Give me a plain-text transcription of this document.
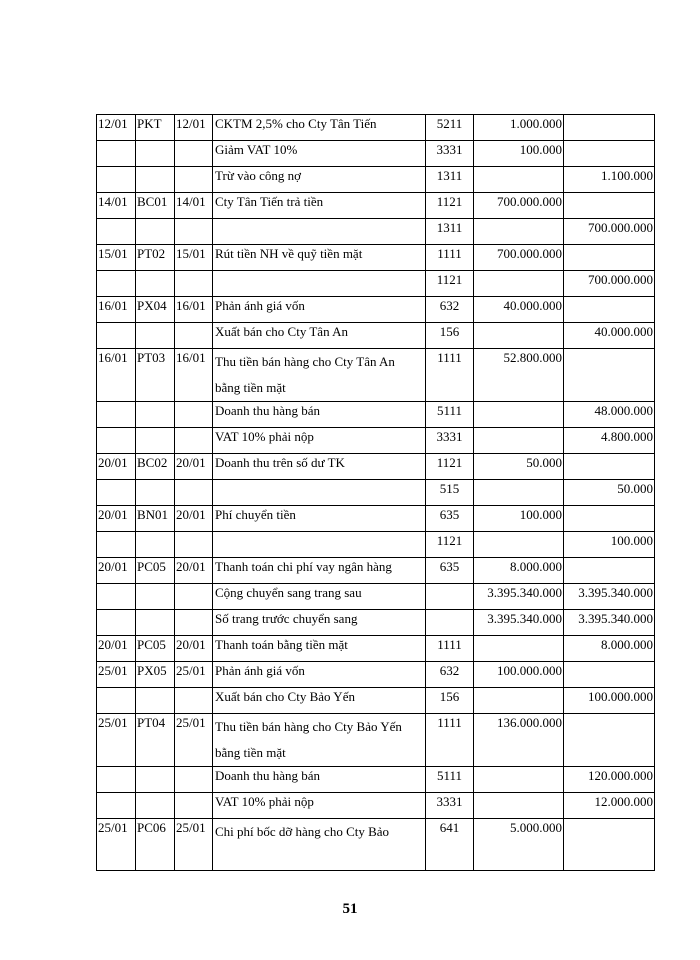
12/01	PKT	12/01	CKTM 2,5% cho Cty Tân Tiến	5211	1.000.000	
			Giảm VAT 10%	3331	100.000	
			Trừ vào công nợ	1311		1.100.000
14/01	BC01	14/01	Cty Tân Tiến trả tiền	1121	700.000.000	
				1311		700.000.000
15/01	PT02	15/01	Rút tiền NH về quỹ tiền mặt	1111	700.000.000	
				1121		700.000.000
16/01	PX04	16/01	Phản ánh giá vốn	632	40.000.000	
			Xuất bán cho Cty Tân An	156		40.000.000
16/01	PT03	16/01	Thu tiền bán hàng cho Cty Tân An bằng tiền mặt	1111	52.800.000	
			Doanh thu hàng bán	5111		48.000.000
			VAT 10% phải nộp	3331		4.800.000
20/01	BC02	20/01	Doanh thu trên số dư TK	1121	50.000	
				515		50.000
20/01	BN01	20/01	Phí chuyển tiền	635	100.000	
				1121		100.000
20/01	PC05	20/01	Thanh toán chi phí vay ngân hàng	635	8.000.000	
			Cộng chuyển sang trang sau		3.395.340.000	3.395.340.000
			Số trang trước chuyển sang		3.395.340.000	3.395.340.000
20/01	PC05	20/01	Thanh toán bằng tiền mặt	1111		8.000.000
25/01	PX05	25/01	Phản ánh giá vốn	632	100.000.000	
			Xuất bán cho Cty Bảo Yến	156		100.000.000
25/01	PT04	25/01	Thu tiền bán hàng cho Cty Bảo Yến bằng tiền mặt	1111	136.000.000	
			Doanh thu hàng bán	5111		120.000.000
			VAT 10% phải nộp	3331		12.000.000
25/01	PC06	25/01	Chi phí bốc dỡ hàng cho Cty Bảo	641	5.000.000	
51
